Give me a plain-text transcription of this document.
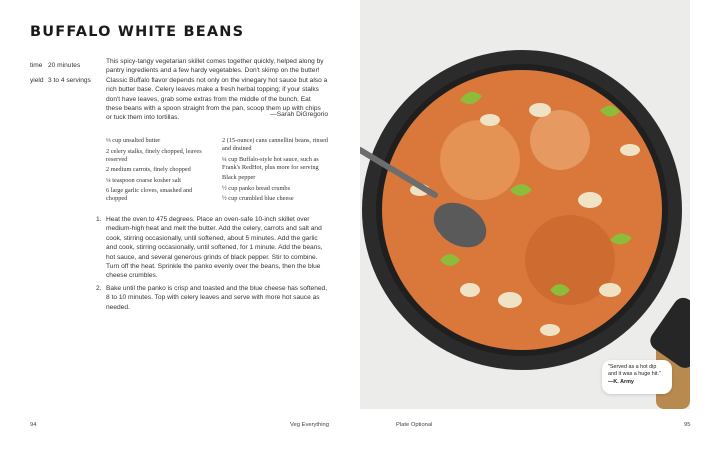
BUFFALO WHITE BEANS
time 20 minutes
yield 3 to 4 servings

This spicy-tangy vegetarian skillet comes together quickly, helped along by pantry ingredients and a few hardy vegetables. Don't skimp on the butter! Classic Buffalo flavor depends not only on the vinegary hot sauce but also a rich butter base. Celery leaves make a fresh herbal topping; if your stalks don't have leaves, grab some extras from the middle of the bunch. Eat these beans with a spoon straight from the pan, scoop them up with chips or tuck them into tortillas.	—Sarah DiGregorio
⅓ cup unsalted butter
2 celery stalks, finely chopped, leaves reserved
2 medium carrots, finely chopped
¼ teaspoon coarse kosher salt
6 large garlic cloves, smashed and chopped
2 (15-ounce) cans cannellini beans, rinsed and drained
¼ cup Buffalo-style hot sauce, such as Frank's RedHot, plus more for serving
Black pepper
½ cup panko bread crumbs
½ cup crumbled blue cheese
1. Heat the oven to 475 degrees. Place an oven-safe 10-inch skillet over medium-high heat and melt the butter. Add the celery, carrots and salt and cook, stirring occasionally, until softened, about 5 minutes. Add the garlic and cook, stirring occasionally, until softened, for 1 minute. Add the beans, hot sauce, and several generous grinds of black pepper. Stir to combine. Turn off the heat. Sprinkle the panko evenly over the beans, then the blue cheese crumbles.
2. Bake until the panko is crisp and toasted and the blue cheese has softened, 8 to 10 minutes. Top with celery leaves and serve with more hot sauce as needed.
94	Veg Everything
"Served as a hot dip and it was a huge hit."
—K. Army
Plate Optional	95
